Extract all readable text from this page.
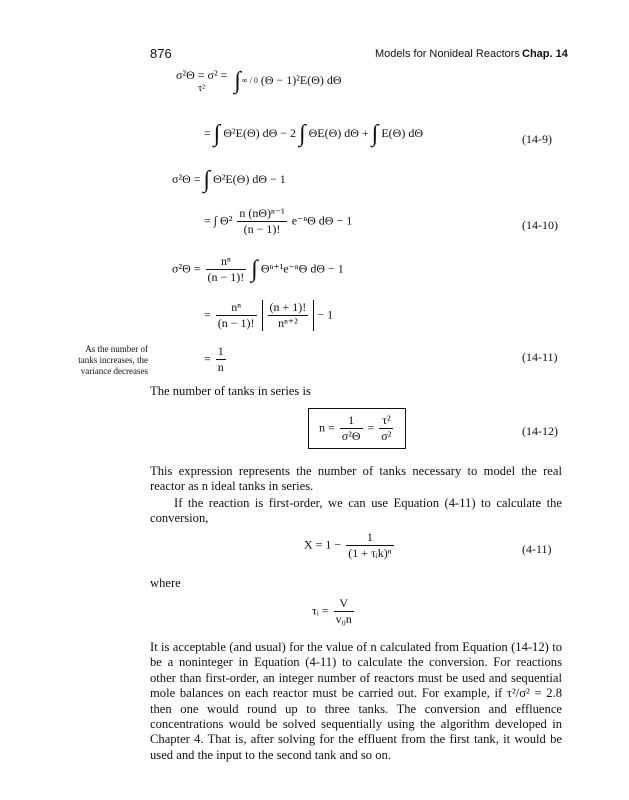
876	Models for Nonideal Reactors Chap. 14
σ²Θ = σ² =
τ²	∫ ∞ / 0 (Θ − 1)²E(Θ) dΘ
= ∫ Θ²E(Θ) dΘ − 2 ∫ ΘE(Θ) dΘ + ∫ E(Θ) dΘ	(14-9)
σ²Θ = ∫ Θ²E(Θ) dΘ − 1
= ∫ $\Theta^2 \frac{\text{n (nΘ)ⁿ⁻¹}}{(n - 1)!} e^{-n}\Theta$ dΘ − 1	(14-10)
$\sigma^2\Theta = \frac{\text{nⁿ}}{(n - 1)!}$ ∫ Θⁿ⁺¹e⁻ⁿΘ dΘ − 1
= $\frac{\text{nⁿ}}{(n - 1)!}$
$\frac{(n + 1)!}{\text{nⁿ⁺²}} - 1$
As the number of
tanks increases, the
variance decreases
= $\frac{1}{n}$	(14-11)
The number of tanks in series is
$n = \frac{1}{\text{σ²Θ}} = \frac{\text{τ²}}{\text{σ²}}$	(14-12)
This expression represents the number of tanks necessary to model the real reactor as n ideal tanks in series.
If the reaction is first-order, we can use Equation (4-11) to calculate the conversion,
$X = 1 - \frac{1}{\text{(1 + τᵢk)ⁿ}}$	(4-11)
where
τᵢ = $\frac{V}{\text{v₀n}}$
It is acceptable (and usual) for the value of n calculated from Equation (14-12) to be a noninteger in Equation (4-11) to calculate the conversion. For reactions other than first-order, an integer number of reactors must be used and sequential mole balances on each reactor must be carried out. For example, if τ²/σ² = 2.8 then one would round up to three tanks. The conversion and effluence concentrations would be solved sequentially using the algorithm developed in Chapter 4. That is, after solving for the effluent from the first tank, it would be used and the input to the second tank and so on.
